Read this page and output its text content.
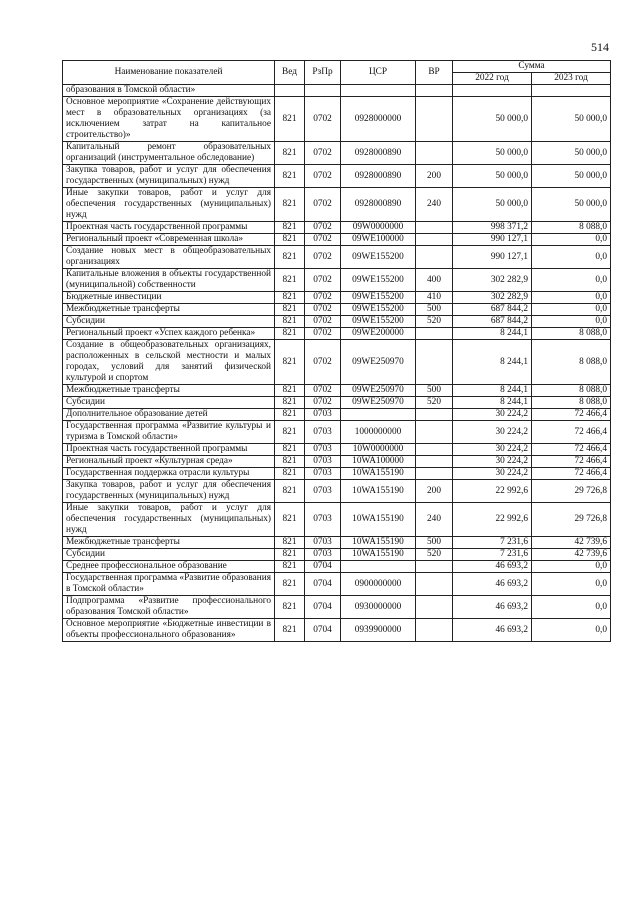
514
Наименование показателей	Вед	РзПр	ЦСР	ВР	Сумма	
					2022 год	2023 год
образования в Томской области»						
Основное мероприятие «Сохранение действующих мест в образовательных организациях (за исключением затрат на капитальное строительство)»	821	0702	0928000000		50 000,0	50 000,0
Капитальный ремонт образовательных организаций (инструментальное обследование)	821	0702	0928000890		50 000,0	50 000,0
Закупка товаров, работ и услуг для обеспечения государственных (муниципальных) нужд	821	0702	0928000890	200	50 000,0	50 000,0
Иные закупки товаров, работ и услуг для обеспечения государственных (муниципальных) нужд	821	0702	0928000890	240	50 000,0	50 000,0
Проектная часть государственной программы	821	0702	09W0000000		998 371,2	8 088,0
Региональный проект «Современная школа»	821	0702	09WE100000		990 127,1	0,0
Создание новых мест в общеобразовательных организациях	821	0702	09WE155200		990 127,1	0,0
Капитальные вложения в объекты государственной (муниципальной) собственности	821	0702	09WE155200	400	302 282,9	0,0
Бюджетные инвестиции	821	0702	09WE155200	410	302 282,9	0,0
Межбюджетные трансферты	821	0702	09WE155200	500	687 844,2	0,0
Субсидии	821	0702	09WE155200	520	687 844,2	0,0
Региональный проект «Успех каждого ребенка»	821	0702	09WE200000		8 244,1	8 088,0
Создание в общеобразовательных организациях, расположенных в сельской местности и малых городах, условий для занятий физической культурой и спортом	821	0702	09WE250970		8 244,1	8 088,0
Межбюджетные трансферты	821	0702	09WE250970	500	8 244,1	8 088,0
Субсидии	821	0702	09WE250970	520	8 244,1	8 088,0
Дополнительное образование детей	821	0703			30 224,2	72 466,4
Государственная программа «Развитие культуры и туризма в Томской области»	821	0703	1000000000		30 224,2	72 466,4
Проектная часть государственной программы	821	0703	10W0000000		30 224,2	72 466,4
Региональный проект «Культурная среда»	821	0703	10WA100000		30 224,2	72 466,4
Государственная поддержка отрасли культуры	821	0703	10WA155190		30 224,2	72 466,4
Закупка товаров, работ и услуг для обеспечения государственных (муниципальных) нужд	821	0703	10WA155190	200	22 992,6	29 726,8
Иные закупки товаров, работ и услуг для обеспечения государственных (муниципальных) нужд	821	0703	10WA155190	240	22 992,6	29 726,8
Межбюджетные трансферты	821	0703	10WA155190	500	7 231,6	42 739,6
Субсидии	821	0703	10WA155190	520	7 231,6	42 739,6
Среднее профессиональное образование	821	0704			46 693,2	0,0
Государственная программа «Развитие образования в Томской области»	821	0704	0900000000		46 693,2	0,0
Подпрограмма «Развитие профессионального образования Томской области»	821	0704	0930000000		46 693,2	0,0
Основное мероприятие «Бюджетные инвестиции в объекты профессионального образования»	821	0704	0939900000		46 693,2	0,0
